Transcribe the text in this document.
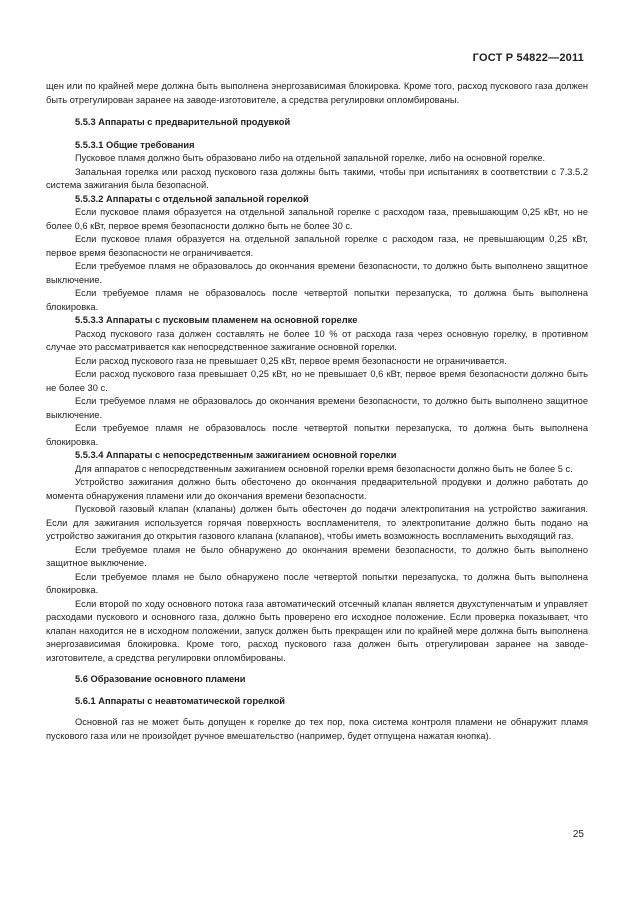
ГОСТ Р 54822—2011

щен или по крайней мере должна быть выполнена энергозависимая блокировка. Кроме того, расход пускового газа должен быть отрегулирован заранее на заводе-изготовителе, а средства регулировки опломбированы.

5.5.3 Аппараты с предварительной продувкой

5.5.3.1 Общие требования

Пусковое пламя должно быть образовано либо на отдельной запальной горелке, либо на основной горелке.

Запальная горелка или расход пускового газа должны быть такими, чтобы при испытаниях в соответствии с 7.3.5.2 система зажигания была безопасной.

5.5.3.2 Аппараты с отдельной запальной горелкой

Если пусковое пламя образуется на отдельной запальной горелке с расходом газа, превышающим 0,25 кВт, но не более 0,6 кВт, первое время безопасности должно быть не более 30 с.

Если пусковое пламя образуется на отдельной запальной горелке с расходом газа, не превышающим 0,25 кВт, первое время безопасности не ограничивается.

Если требуемое пламя не образовалось до окончания времени безопасности, то должно быть выполнено защитное выключение.

Если требуемое пламя не образовалось после четвертой попытки перезапуска, то должна быть выполнена блокировка.

5.5.3.3 Аппараты с пусковым пламенем на основной горелке

Расход пускового газа должен составлять не более 10 % от расхода газа через основную горелку, в противном случае это рассматривается как непосредственное зажигание основной горелки.

Если расход пускового газа не превышает 0,25 кВт, первое время безопасности не ограничивается.

Если расход пускового газа превышает 0,25 кВт, но не превышает 0,6 кВт, первое время безопасности должно быть не более 30 с.

Если требуемое пламя не образовалось до окончания времени безопасности, то должно быть выполнено защитное выключение.

Если требуемое пламя не образовалось после четвертой попытки перезапуска, то должна быть выполнена блокировка.

5.5.3.4 Аппараты с непосредственным зажиганием основной горелки

Для аппаратов с непосредственным зажиганием основной горелки время безопасности должно быть не более 5 с.

Устройство зажигания должно быть обесточено до окончания предварительной продувки и должно работать до момента обнаружения пламени или до окончания времени безопасности.

Пусковой газовый клапан (клапаны) должен быть обесточен до подачи электропитания на устройство зажигания. Если для зажигания используется горячая поверхность воспламенителя, то электропитание должно быть подано на устройство зажигания до открытия газового клапана (клапанов), чтобы иметь возможность воспламенить выходящий газ.

Если требуемое пламя не было обнаружено до окончания времени безопасности, то должно быть выполнено защитное выключение.

Если требуемое пламя не было обнаружено после четвертой попытки перезапуска, то должна быть выполнена блокировка.

Если второй по ходу основного потока газа автоматический отсечный клапан является двухступенчатым и управляет расходами пускового и основного газа, должно быть проверено его исходное положение. Если проверка показывает, что клапан находится не в исходном положении, запуск должен быть прекращен или по крайней мере должна быть выполнена энергозависимая блокировка. Кроме того, расход пускового газа должен быть отрегулирован заранее на заводе-изготовителе, а средства регулировки опломбированы.

5.6 Образование основного пламени

5.6.1 Аппараты с неавтоматической горелкой

Основной газ не может быть допущен к горелке до тех пор, пока система контроля пламени не обнаружит пламя пускового газа или не произойдет ручное вмешательство (например, будет отпущена нажатая кнопка).

25
